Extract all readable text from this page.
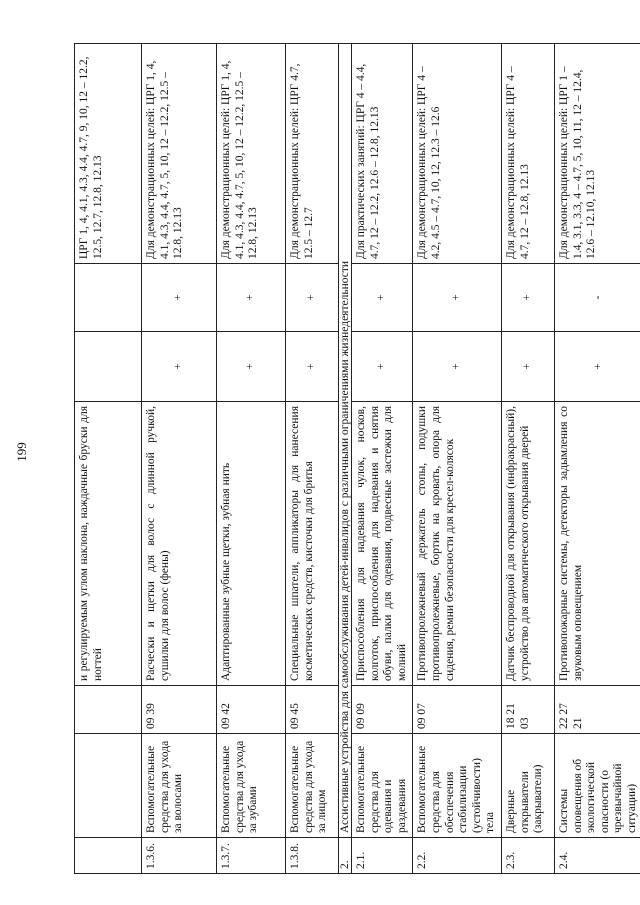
199
				и регулируемым углом наклона, наждачные бруски для ногтей			ЦРГ 1, 4, 4.1, 4.3, 4.4, 4.7, 9, 10, 12 – 12.2, 12.5, 12.7, 12.8, 12.13
1.3.6.	Вспомогательные средства для ухода за волосами	09 39	Расчески и щетки для волос с длинной ручкой, сушилки для волос (фены)	+	+	Для демонстрационных целей: ЦРГ 1, 4, 4.1, 4.3, 4.4, 4.7, 5, 10, 12 – 12.2, 12.5 – 12.8, 12.13
1.3.7.	Вспомогательные средства для ухода за зубами	09 42	Адаптированные зубные щетки, зубная нить	+	+	Для демонстрационных целей: ЦРГ 1, 4, 4.1, 4.3, 4.4, 4.7, 5, 10, 12 – 12.2, 12.5 – 12.8, 12.13
1.3.8.	Вспомогательные средства для ухода за лицом	09 45	Специальные шпатели, аппликаторы для нанесения косметических средств, кисточки для бритья	+	+	Для демонстрационных целей: ЦРГ 4.7, 12.5 – 12.7
2.	Ассистивные устройства для самообслуживания детей-инвалидов с различными ограничениями жизнедеятельности					
2.1.	Вспомогательные средства для одевания и раздевания	09 09	Приспособления для надевания чулок, носков, колготок, приспособления для надевания и снятия обуви, палки для одевания, подвесные застежки для молний	+	+	Для практических занятий: ЦРГ 4 – 4.4, 4.7, 12 – 12.2, 12.6 – 12.8, 12.13
2.2.	Вспомогательные средства для обеспечения стабилизации (устойчивости) тела	09 07	Противопролежневый держатель стопы, подушки противопролежневые, бортик на кровать, опора для сидения, ремни безопасности для кресел-колясок	+	+	Для демонстрационных целей: ЦРГ 4 – 4.2, 4.5 – 4.7, 10, 12, 12.3 – 12.6
2.3.	Дверные открыватели (закрыватели)	18 21 03	Датчик беспроводной для открывания (инфракрасный), устройство для автоматического открывания дверей	+	+	Для демонстрационных целей: ЦРГ 4 – 4.7, 12 – 12.8, 12.13
2.4.	Системы оповещения об экологической опасности (о чрезвычайной ситуации)	22 27 21	Противопожарные системы, детекторы задымления со звуковым оповещением	+	-	Для демонстрационных целей: ЦРГ 1 – 1.4, 3.1, 3.3, 4 – 4.7, 5, 10, 11, 12 – 12.4, 12.6 – 12.10, 12.13
